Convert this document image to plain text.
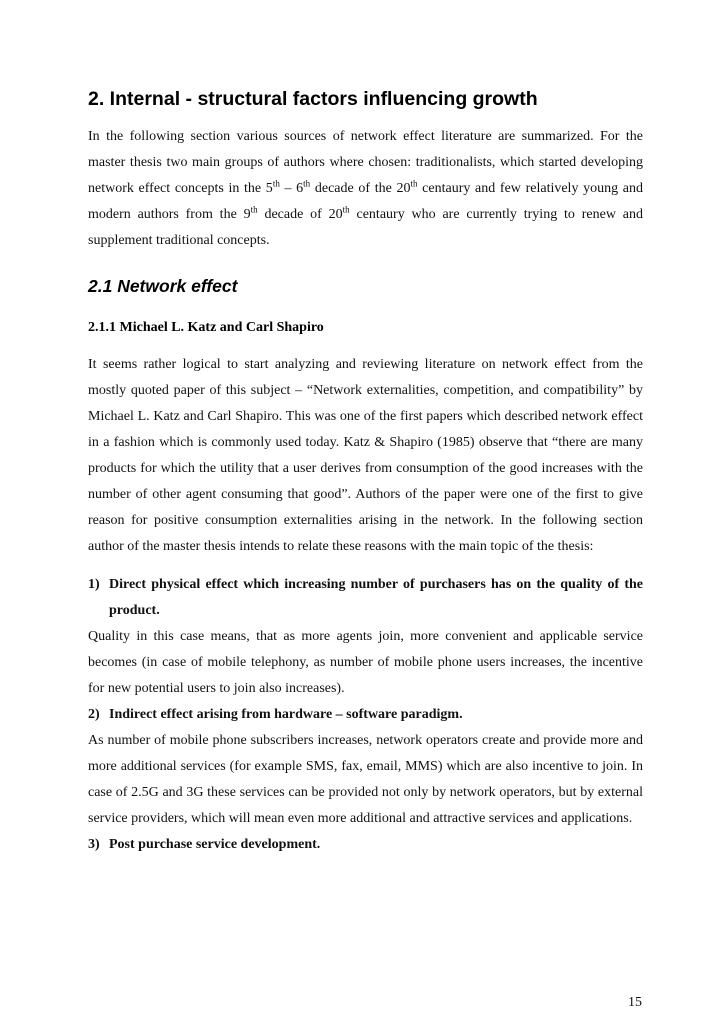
2. Internal - structural factors influencing growth

In the following section various sources of network effect literature are summarized. For the master thesis two main groups of authors where chosen: traditionalists, which started developing network effect concepts in the 5th – 6th decade of the 20th centaury and few relatively young and modern authors from the 9th decade of 20th centaury who are currently trying to renew and supplement traditional concepts.

2.1 Network effect
2.1.1 Michael L. Katz and Carl Shapiro

It seems rather logical to start analyzing and reviewing literature on network effect from the mostly quoted paper of this subject – “Network externalities, competition, and compatibility” by Michael L. Katz and Carl Shapiro. This was one of the first papers which described network effect in a fashion which is commonly used today. Katz & Shapiro (1985) observe that “there are many products for which the utility that a user derives from consumption of the good increases with the number of other agent consuming that good”. Authors of the paper were one of the first to give reason for positive consumption externalities arising in the network. In the following section author of the master thesis intends to relate these reasons with the main topic of the thesis:

1) Direct physical effect which increasing number of purchasers has on the quality of the product.

Quality in this case means, that as more agents join, more convenient and applicable service becomes (in case of mobile telephony, as number of mobile phone users increases, the incentive for new potential users to join also increases).

2) Indirect effect arising from hardware – software paradigm.

As number of mobile phone subscribers increases, network operators create and provide more and more additional services (for example SMS, fax, email, MMS) which are also incentive to join. In case of 2.5G and 3G these services can be provided not only by network operators, but by external service providers, which will mean even more additional and attractive services and applications.

3) Post purchase service development.
15
